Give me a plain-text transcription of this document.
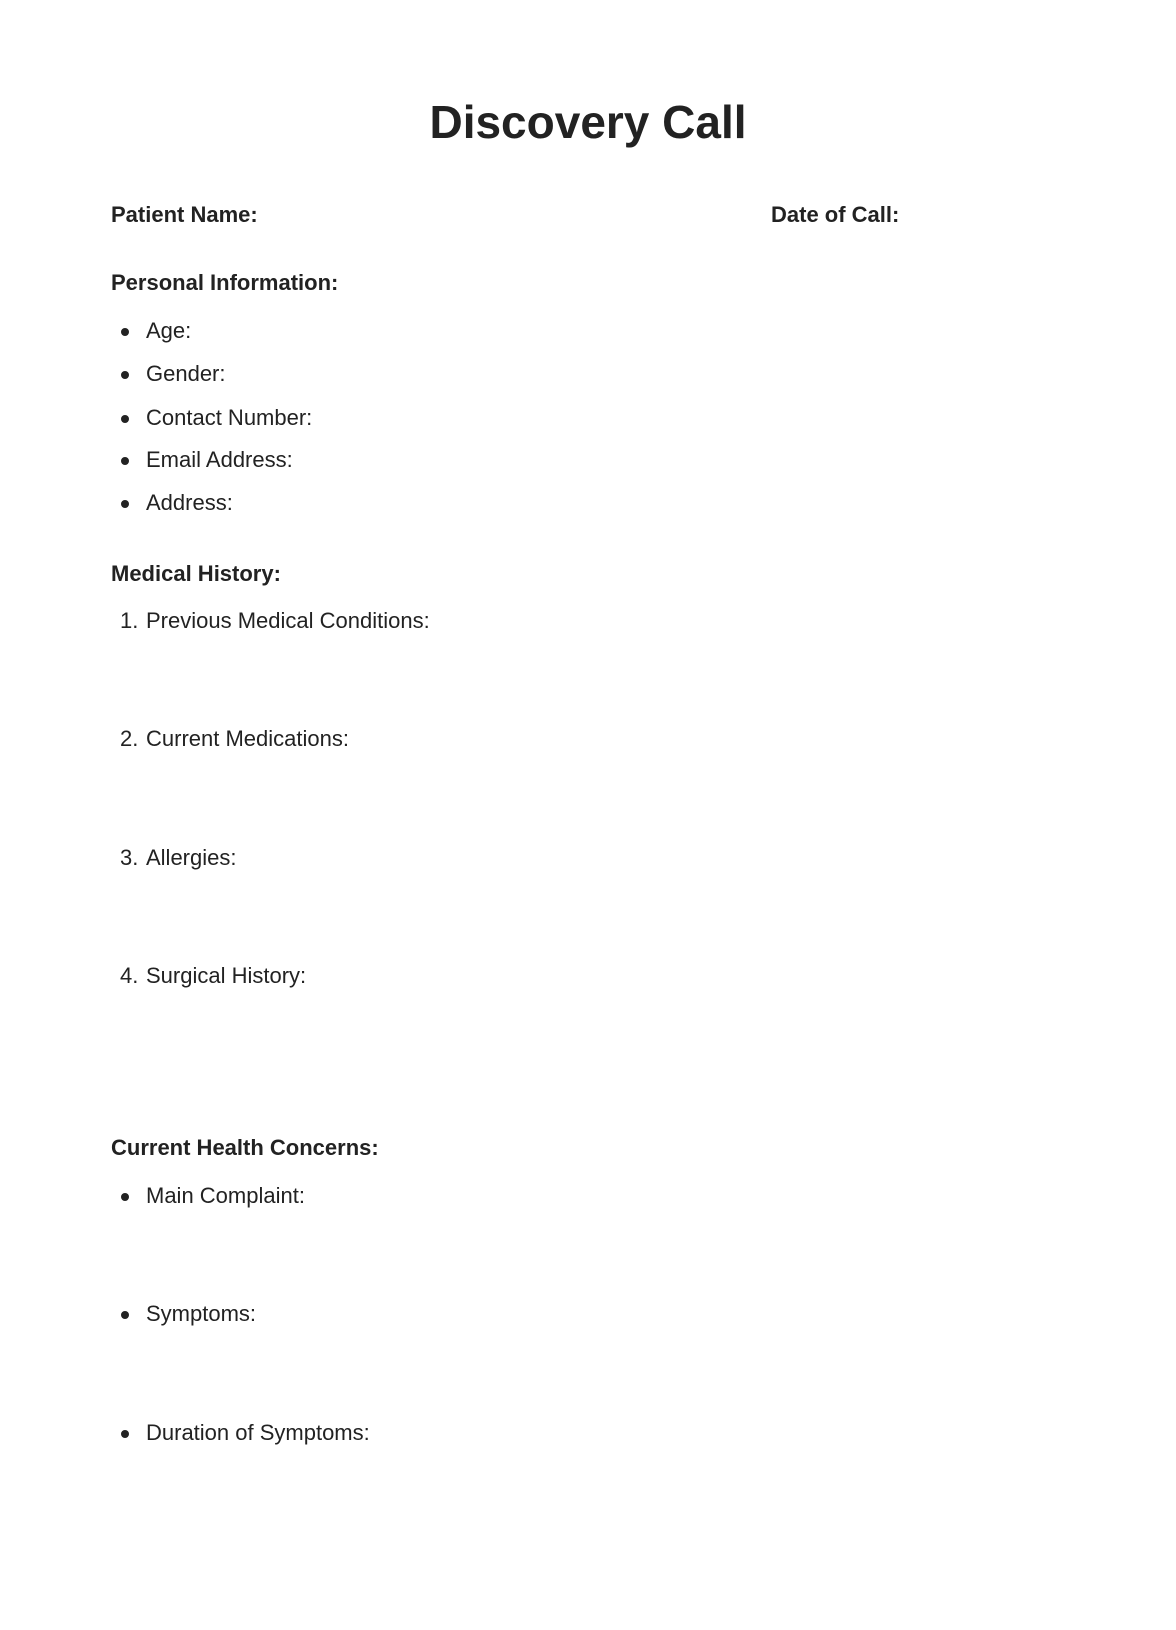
Discovery Call
Patient Name:	Date of Call:
Personal Information:
Age:
Gender:
Contact Number:
Email Address:
Address:
Medical History:
1. Previous Medical Conditions:
2. Current Medications:
3. Allergies:
4. Surgical History:
Current Health Concerns:
Main Complaint:
Symptoms:
Duration of Symptoms:
